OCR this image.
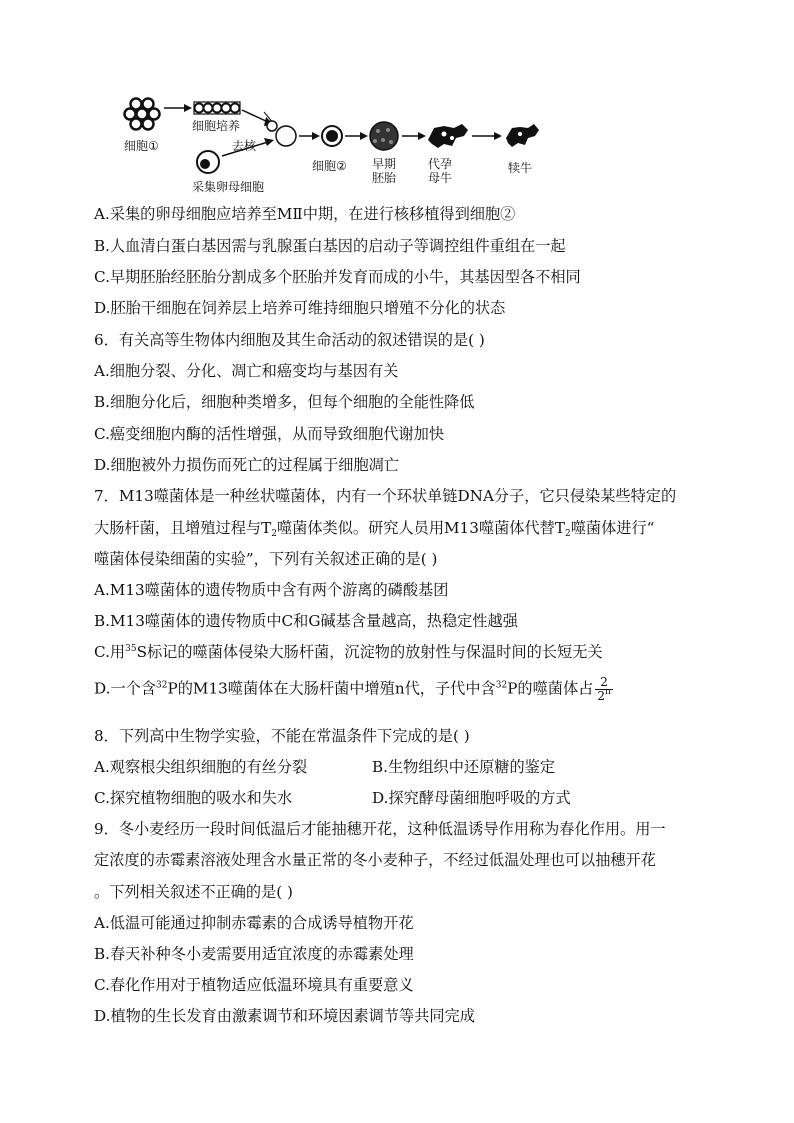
细胞①
细胞培养
去核
采集卵母细胞
细胞② 早期
胚胎
代孕
母牛
犊牛
A.采集的卵母细胞应培养至MⅡ中期，在进行核移植得到细胞②
B.人血清白蛋白基因需与乳腺蛋白基因的启动子等调控组件重组在一起
C.早期胚胎经胚胎分割成多个胚胎并发育而成的小牛，其基因型各不相同
D.胚胎干细胞在饲养层上培养可维持细胞只增殖不分化的状态
6．有关高等生物体内细胞及其生命活动的叙述错误的是( )
A.细胞分裂、分化、凋亡和癌变均与基因有关
B.细胞分化后，细胞种类增多，但每个细胞的全能性降低
C.癌变细胞内酶的活性增强，从而导致细胞代谢加快
D.细胞被外力损伤而死亡的过程属于细胞凋亡
7．M13噬菌体是一种丝状噬菌体，内有一个环状单链DNA分子，它只侵染某些特定的
大肠杆菌，且增殖过程与$T_2$噬菌体类似。研究人员用M13噬菌体代替$T_2$噬菌体进行“
噬菌体侵染细菌的实验”，下列有关叙述正确的是( )
A.M13噬菌体的遗传物质中含有两个游离的磷酸基团
B.M13噬菌体的遗传物质中C和G碱基含量越高，热稳定性越强
C.用$^{35}$S标记的噬菌体侵染大肠杆菌，沉淀物的放射性与保温时间的长短无关
D.一个含$^{32}$P的M13噬菌体在大肠杆菌中增殖n代，子代中含$^{32}$P的噬菌体占 $\frac{2}{2^n}$
8．下列高中生物学实验，不能在常温条件下完成的是( )
A.观察根尖组织细胞的有丝分裂	B.生物组织中还原糖的鉴定
C.探究植物细胞的吸水和失水	D.探究酵母菌细胞呼吸的方式
9．冬小麦经历一段时间低温后才能抽穗开花，这种低温诱导作用称为春化作用。用一
定浓度的赤霉素溶液处理含水量正常的冬小麦种子，不经过低温处理也可以抽穗开花
。下列相关叙述不正确的是( )
A.低温可能通过抑制赤霉素的合成诱导植物开花
B.春天补种冬小麦需要用适宜浓度的赤霉素处理
C.春化作用对于植物适应低温环境具有重要意义
D.植物的生长发育由激素调节和环境因素调节等共同完成
